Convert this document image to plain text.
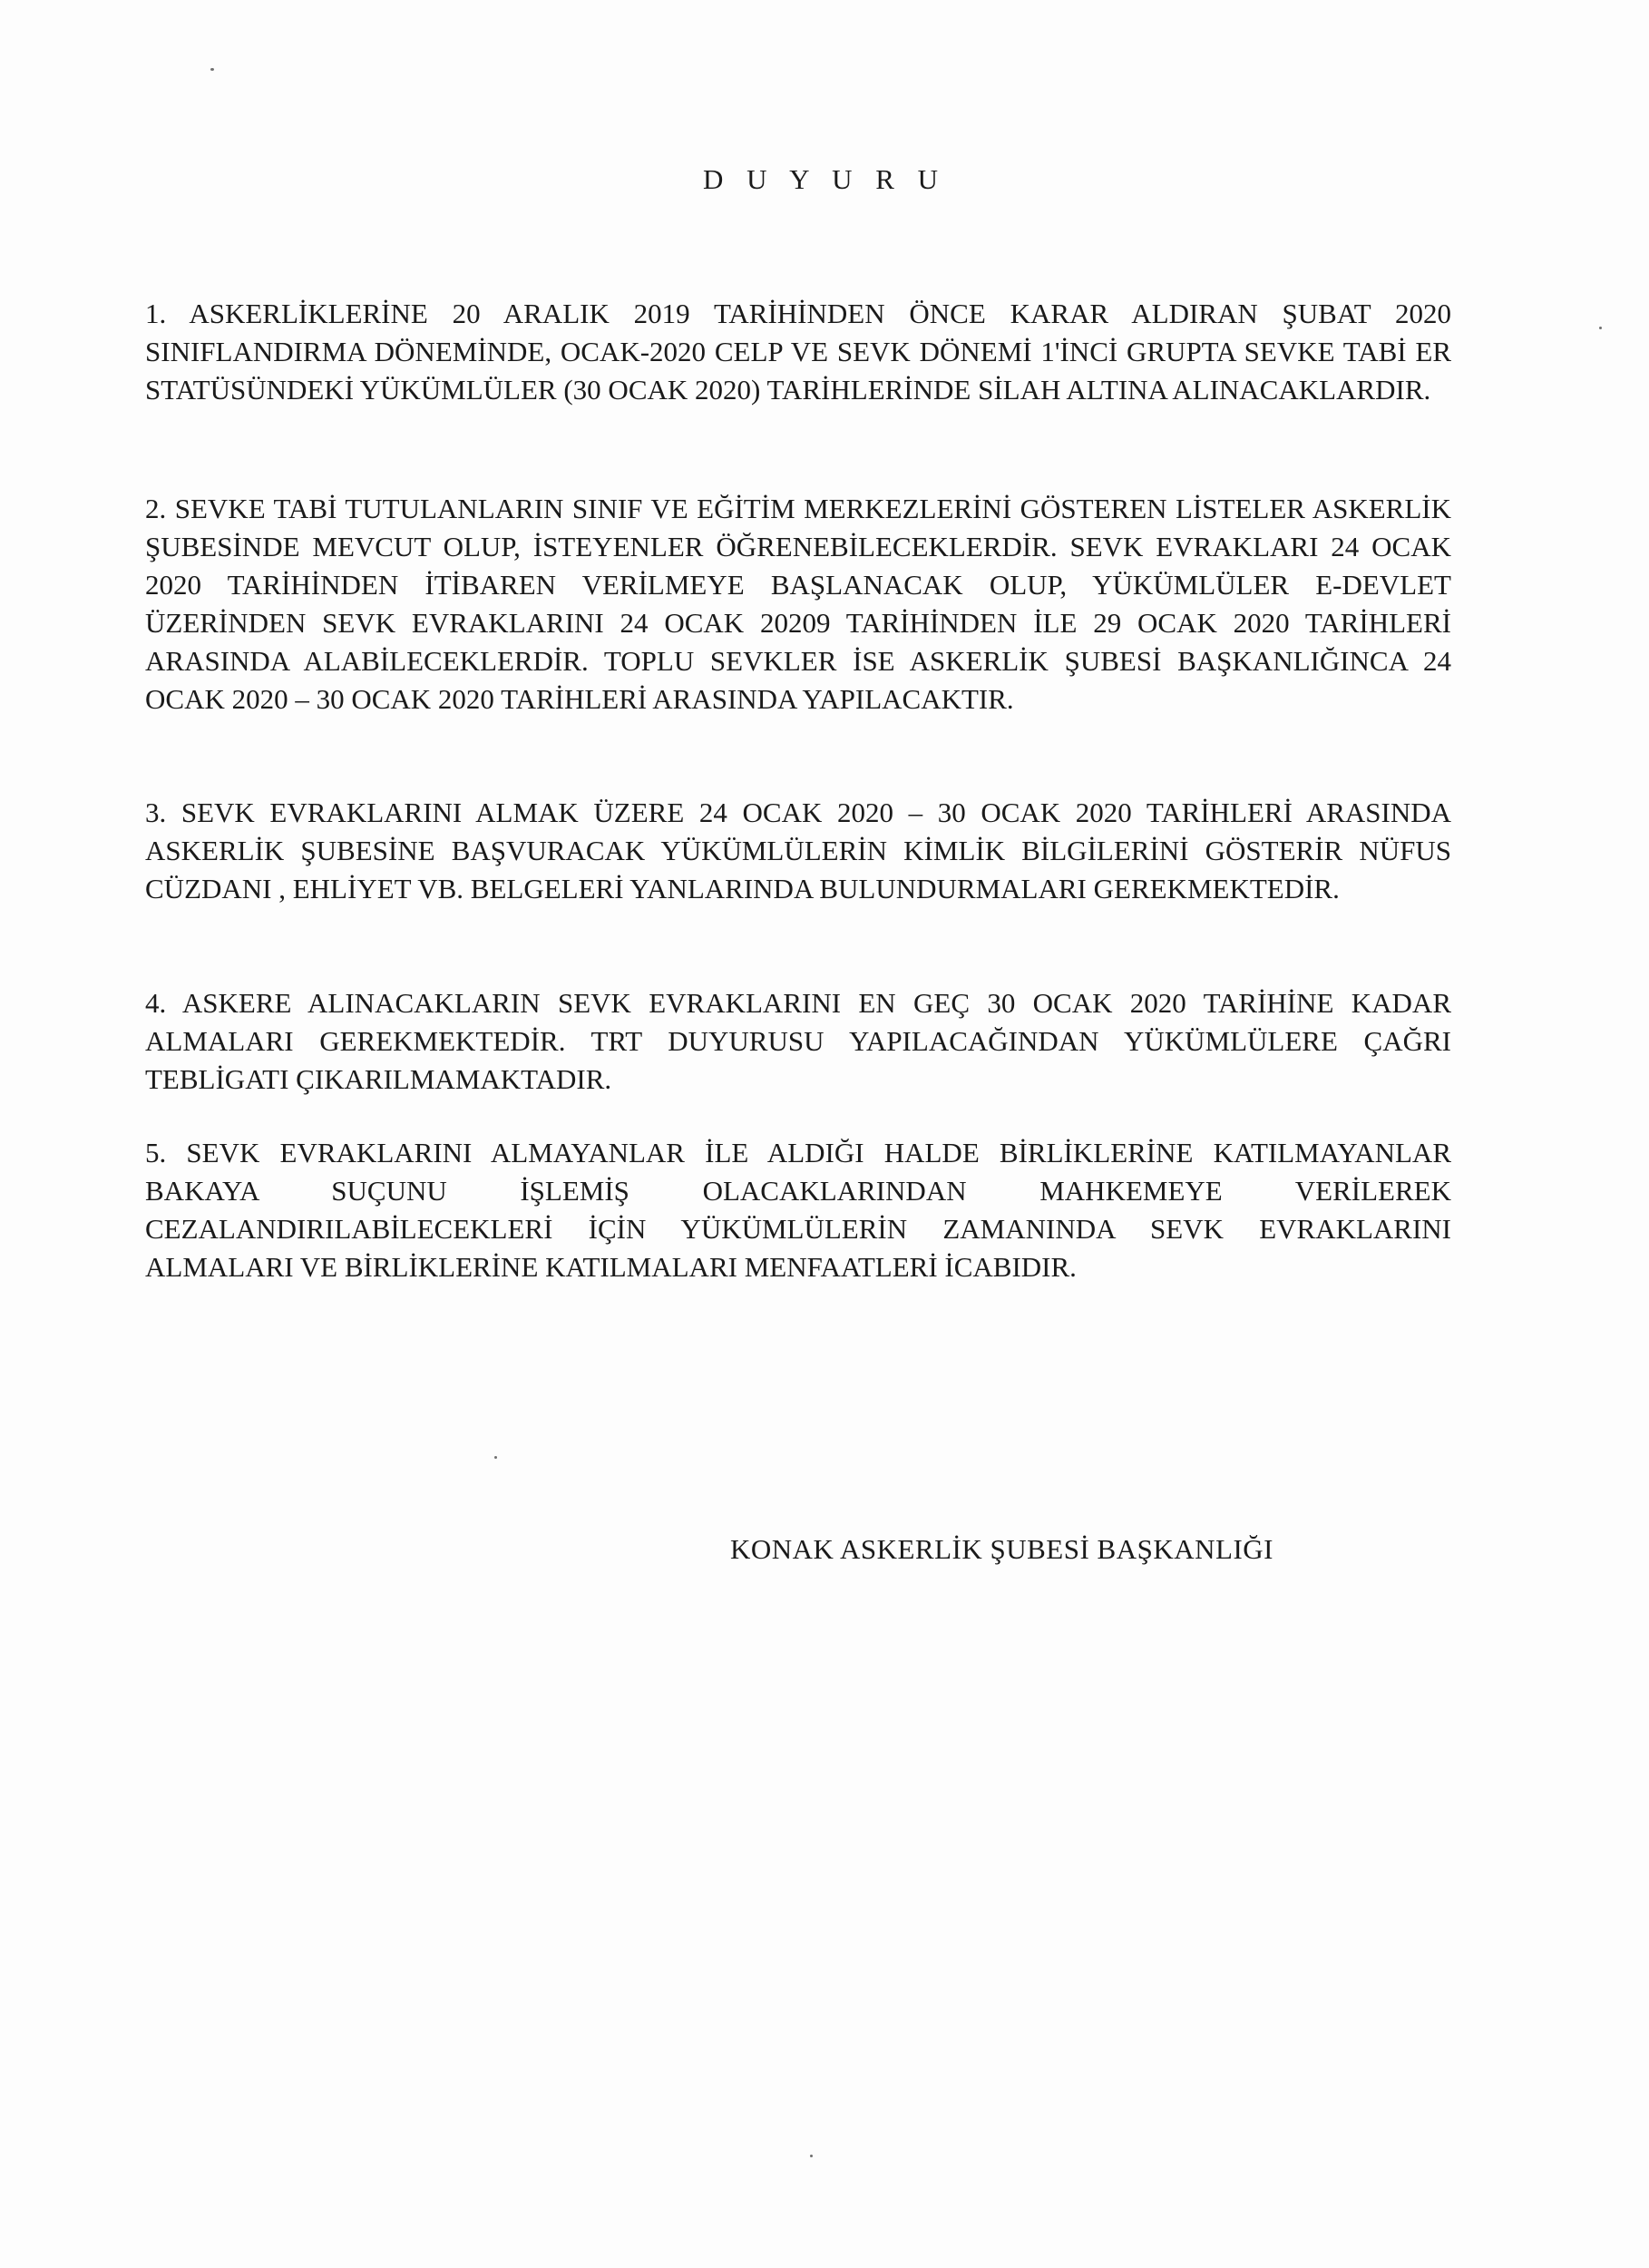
D U Y U R U

1. ASKERLİKLERİNE 20 ARALIK 2019 TARİHİNDEN ÖNCE KARAR ALDIRAN ŞUBAT 2020 SINIFLANDIRMA DÖNEMİNDE, OCAK-2020 CELP VE SEVK DÖNEMİ 1'İNCİ GRUPTA SEVKE TABİ ER STATÜSÜNDEKİ YÜKÜMLÜLER (30 OCAK 2020) TARİHLERİNDE SİLAH ALTINA ALINACAKLARDIR.

2. SEVKE TABİ TUTULANLARIN SINIF VE EĞİTİM MERKEZLERİNİ GÖSTEREN LİSTELER ASKERLİK ŞUBESİNDE MEVCUT OLUP, İSTEYENLER ÖĞRENEBİLECEKLERDİR. SEVK EVRAKLARI 24 OCAK 2020 TARİHİNDEN İTİBAREN VERİLMEYE BAŞLANACAK OLUP, YÜKÜMLÜLER E-DEVLET ÜZERİNDEN SEVK EVRAKLARINI 24 OCAK 20209 TARİHİNDEN İLE 29 OCAK 2020 TARİHLERİ ARASINDA ALABİLECEKLERDİR. TOPLU SEVKLER İSE ASKERLİK ŞUBESİ BAŞKANLIĞINCA 24 OCAK 2020 – 30 OCAK 2020 TARİHLERİ ARASINDA YAPILACAKTIR.

3. SEVK EVRAKLARINI ALMAK ÜZERE 24 OCAK 2020 – 30 OCAK 2020 TARİHLERİ ARASINDA ASKERLİK ŞUBESİNE BAŞVURACAK YÜKÜMLÜLERİN KİMLİK BİLGİLERİNİ GÖSTERİR NÜFUS CÜZDANI , EHLİYET VB. BELGELERİ YANLARINDA BULUNDURMALARI GEREKMEKTEDİR.

4. ASKERE ALINACAKLARIN SEVK EVRAKLARINI EN GEÇ 30 OCAK 2020 TARİHİNE KADAR ALMALARI GEREKMEKTEDİR. TRT DUYURUSU YAPILACAĞINDAN YÜKÜMLÜLERE ÇAĞRI TEBLİGATI ÇIKARILMAMAKTADIR.

5. SEVK EVRAKLARINI ALMAYANLAR İLE ALDIĞI HALDE BİRLİKLERİNE KATILMAYANLAR BAKAYA SUÇUNU İŞLEMİŞ OLACAKLARINDAN MAHKEMEYE VERİLEREK CEZALANDIRILABİLECEKLERİ İÇİN YÜKÜMLÜLERİN ZAMANINDA SEVK EVRAKLARINI ALMALARI VE BİRLİKLERİNE KATILMALARI MENFAATLERİ İCABIDIR.

KONAK ASKERLİK ŞUBESİ BAŞKANLIĞI
